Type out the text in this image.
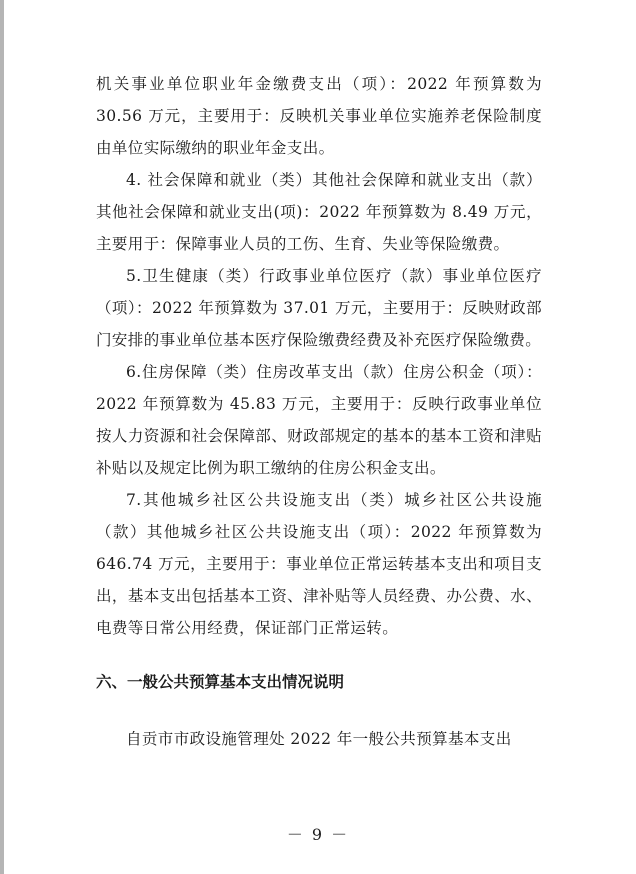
机关事业单位职业年金缴费支出（项）：2022 年预算数为 30.56 万元，主要用于：反映机关事业单位实施养老保险制度由单位实际缴纳的职业年金支出。

4. 社会保障和就业（类）其他社会保障和就业支出（款）其他社会保障和就业支出(项)：2022 年预算数为 8.49 万元，主要用于：保障事业人员的工伤、生育、失业等保险缴费。

5.卫生健康（类）行政事业单位医疗（款）事业单位医疗（项）：2022 年预算数为 37.01 万元，主要用于：反映财政部门安排的事业单位基本医疗保险缴费经费及补充医疗保险缴费。

6.住房保障（类）住房改革支出（款）住房公积金（项）：2022 年预算数为 45.83 万元，主要用于：反映行政事业单位按人力资源和社会保障部、财政部规定的基本的基本工资和津贴补贴以及规定比例为职工缴纳的住房公积金支出。

7.其他城乡社区公共设施支出（类）城乡社区公共设施（款）其他城乡社区公共设施支出（项）：2022 年预算数为 646.74 万元，主要用于：事业单位正常运转基本支出和项目支出，基本支出包括基本工资、津补贴等人员经费、办公费、水、电费等日常公用经费，保证部门正常运转。

六、一般公共预算基本支出情况说明

自贡市市政设施管理处 2022 年一般公共预算基本支出

－ 9 －
